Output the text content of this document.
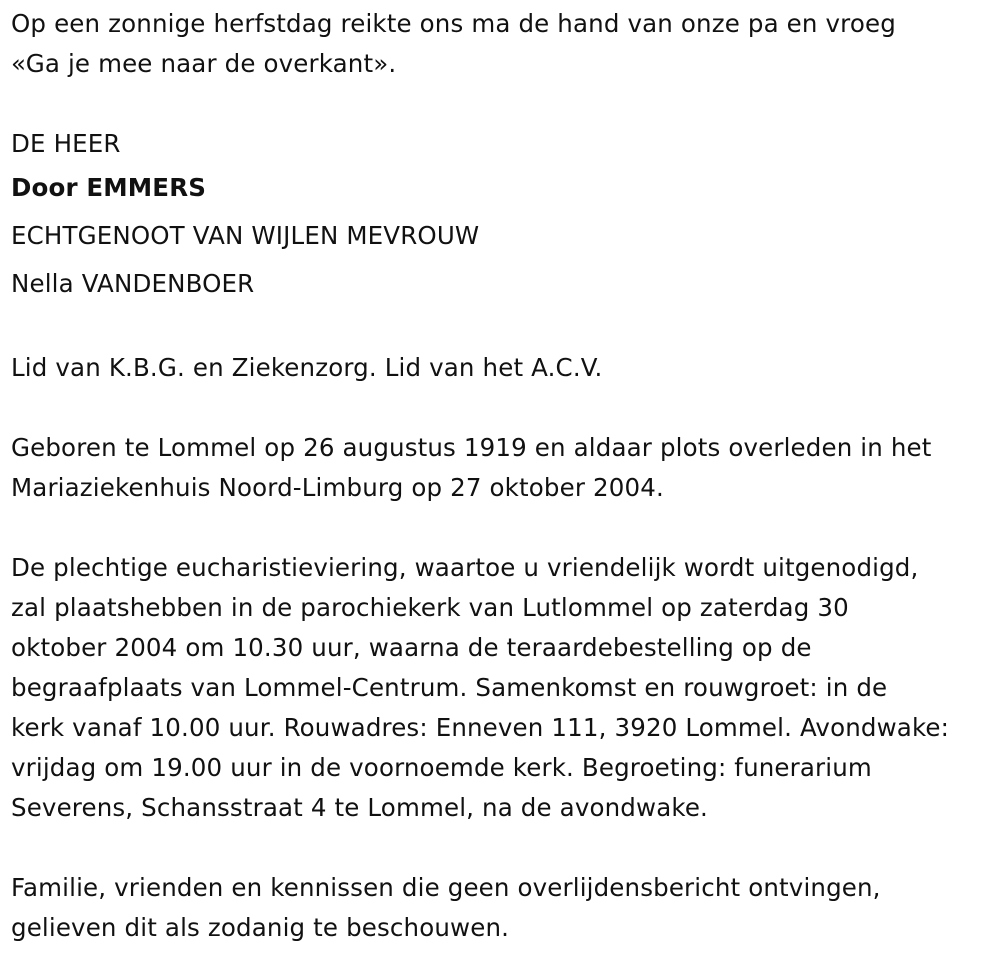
Op een zonnige herfstdag reikte ons ma de hand van onze pa en vroeg
«Ga je mee naar de overkant».
DE HEER
Door EMMERS
ECHTGENOOT VAN WIJLEN MEVROUW
Nella VANDENBOER
Lid van K.B.G. en Ziekenzorg. Lid van het A.C.V.
Geboren te Lommel op 26 augustus 1919 en aldaar plots overleden in het
Mariaziekenhuis Noord-Limburg op 27 oktober 2004.
De plechtige eucharistieviering, waartoe u vriendelijk wordt uitgenodigd,
zal plaatshebben in de parochiekerk van Lutlommel op zaterdag 30
oktober 2004 om 10.30 uur, waarna de teraardebestelling op de
begraafplaats van Lommel-Centrum. Samenkomst en rouwgroet: in de
kerk vanaf 10.00 uur. Rouwadres: Enneven 111, 3920 Lommel. Avondwake:
vrijdag om 19.00 uur in de voornoemde kerk. Begroeting: funerarium
Severens, Schansstraat 4 te Lommel, na de avondwake.
Familie, vrienden en kennissen die geen overlijdensbericht ontvingen,
gelieven dit als zodanig te beschouwen.
